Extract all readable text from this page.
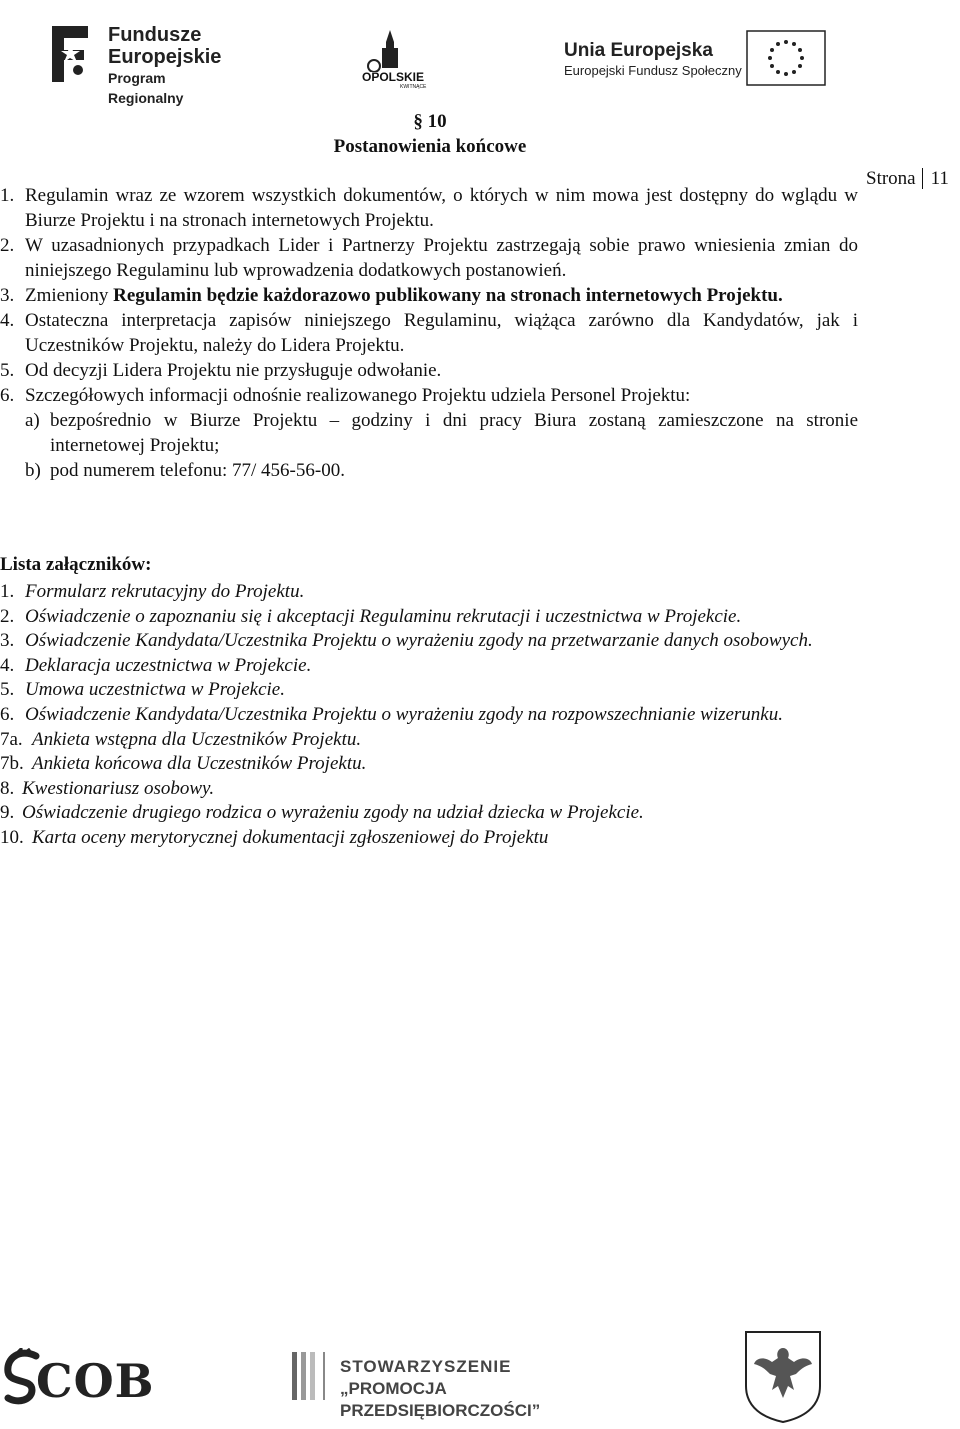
Fundusze
Europejskie
Program Regionalny
OPOLSKIE
KWITNĄCE
Unia Europejska
Europejski Fundusz Społeczny
§ 10
Postanowienia końcowe
Strona 11
1. Regulamin wraz ze wzorem wszystkich dokumentów, o których w nim mowa jest dostępny do wglądu w Biurze Projektu i na stronach internetowych Projektu.
2. W uzasadnionych przypadkach Lider i Partnerzy Projektu zastrzegają sobie prawo wniesienia zmian do niniejszego Regulaminu lub wprowadzenia dodatkowych postanowień.
3. Zmieniony Regulamin będzie każdorazowo publikowany na stronach internetowych Projektu.
4. Ostateczna interpretacja zapisów niniejszego Regulaminu, wiążąca zarówno dla Kandydatów, jak i Uczestników Projektu, należy do Lidera Projektu.
5. Od decyzji Lidera Projektu nie przysługuje odwołanie.
6. Szczegółowych informacji odnośnie realizowanego Projektu udziela Personel Projektu:
a) bezpośrednio w Biurze Projektu – godziny i dni pracy Biura zostaną zamieszczone na stronie internetowej Projektu;
b) pod numerem telefonu: 77/ 456-56-00.
Lista załączników:
1. Formularz rekrutacyjny do Projektu.
2. Oświadczenie o zapoznaniu się i akceptacji Regulaminu rekrutacji i uczestnictwa w Projekcie.
3. Oświadczenie Kandydata/Uczestnika Projektu o wyrażeniu zgody na przetwarzanie danych osobowych.
4. Deklaracja uczestnictwa w Projekcie.
5. Umowa uczestnictwa w Projekcie.
6. Oświadczenie Kandydata/Uczestnika Projektu o wyrażeniu zgody na rozpowszechnianie wizerunku.
7a. Ankieta wstępna dla Uczestników Projektu.
7b. Ankieta końcowa dla Uczestników Projektu.
8. Kwestionariusz osobowy.
9. Oświadczenie drugiego rodzica o wyrażeniu zgody na udział dziecka w Projekcie.
10. Karta oceny merytorycznej dokumentacji zgłoszeniowej do Projektu
COB	STOWARZYSZENIE
„PROMOCJA PRZEDSIĘBIORCZOŚCI”
